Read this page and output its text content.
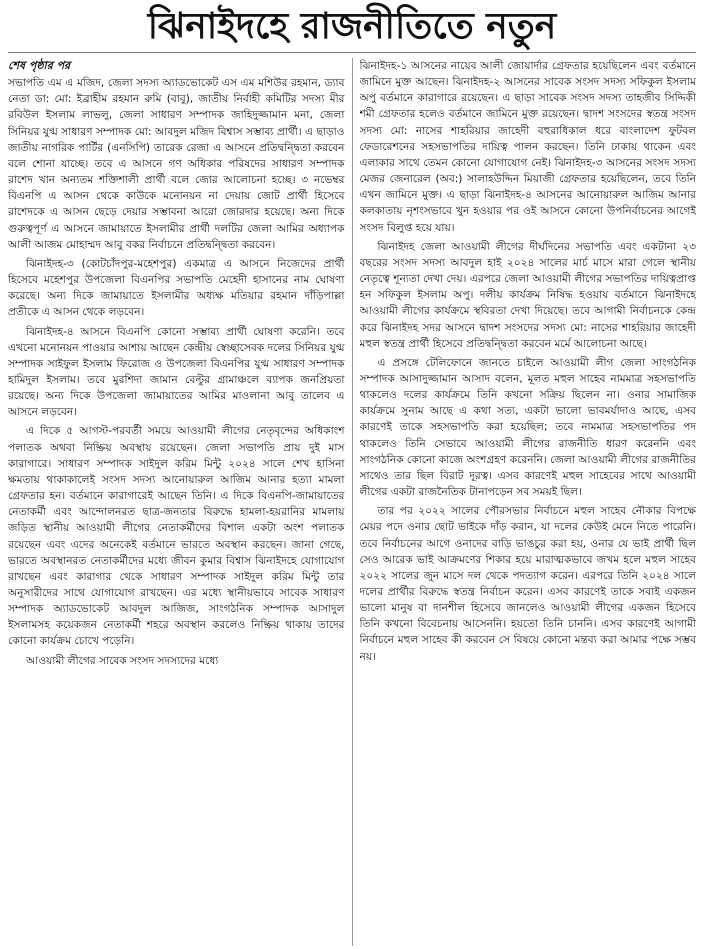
ঝিনাইদহে রাজনীতিতে নতুন
শেষ পৃষ্ঠার পর

সভাপতি এম এ মজিদ, জেলা সদস্য অ্যাডভোকেট এস এম মশিউর রহমান, ড্যাব নেতা ডা: মো: ইব্রাহীম রহমান রুমি (বাবু), জাতীয় নির্বাহী কমিটির সদস্য মীর রবিউল ইসলাম লাভলু, জেলা সাধারণ সম্পাদক জাহিদুজ্জামান মনা, জেলা সিনিয়র যুগ্ম সাধারণ সম্পাদক মো: আবদুল মজিদ বিশ্বাস সম্ভাব্য প্রার্থী। এ ছাড়াও জাতীয় নাগরিক পার্টির (এনসিপি) তারেক রেজা এ আসনে প্রতিদ্বন্দ্বিতা করবেন বলে শোনা যাচ্ছে। তবে এ আসনে গণ অধিকার পরিষদের সাধারণ সম্পাদক রাশেদ খান অন্যতম শক্তিশালী প্রার্থী বলে জোর আলোচনা হচ্ছে। ৩ নভেম্বর বিএনপি এ আসন থেকে কাউকে মনোনয়ন না দেয়ায় জোট প্রার্থী হিসেবে রাশেদকে এ আসন ছেড়ে দেয়ার সম্ভাবনা আরো জোরদার হয়েছে। অন্য দিকে গুরুত্বপূর্ণ এ আসনে জামায়াতে ইসলামীর প্রার্থী দলটির জেলা আমির অধ্যাপক আলী আজম মোহাম্মদ আবু বকর নির্বাচনে প্রতিদ্বন্দ্বিতা করবেন।

ঝিনাইদহ-৩ (কোটচাঁদপুর-মহেশপুর) একমাত্র এ আসনে নিজেদের প্রার্থী হিসেবে মহেশপুর উপজেলা বিএনপির সভাপতি মেহেদী হাসানের নাম ঘোষণা করেছে। অন্য দিকে জামায়াতে ইসলামীর অধ্যক্ষ মতিয়ার রহমান দাঁড়িপাল্লা প্রতীকে এ আসন থেকে লড়বেন।

ঝিনাইদহ-৪ আসনে বিএনপি কোনো সম্ভাব্য প্রার্থী ঘোষণা করেনি। তবে এখনো মনোনয়ন পাওয়ার আশায় আছেন কেন্দ্রীয় স্বেচ্ছাসেবক দলের সিনিয়র যুগ্ম সম্পাদক সাইফুল ইসলাম ফিরোজ ও উপজেলা বিএনপির যুগ্ম সাধারণ সম্পাদক হামিদুল ইসলাম। তবে মুরশিদা জামান বেল্টুর গ্রামাঞ্চলে ব্যাপক জনপ্রিয়তা রয়েছে। অন্য দিকে উপজেলা জামায়াতের আমির মাওলানা আবু তালেব এ আসনে লড়বেন।

এ দিকে ৫ আগস্ট-পরবর্তী সময়ে আওয়ামী লীগের নেতৃবৃন্দের অধিকাংশ পলাতক অথবা নিষ্ক্রিয় অবস্থায় রয়েছেন। জেলা সভাপতি প্রায় দুই মাস কারাগারে। সাধারণ সম্পাদক সাইদুল করিম মিন্টু ২০২৪ সালে শেখ হাসিনা ক্ষমতায় থাকাকালেই সংসদ সদস্য আনোয়ারুল আজিম আনার হত্যা মামলা গ্রেফতার হন। বর্তমানে কারাগারেই আছেন তিনি। এ দিকে বিএনপি-জামায়াতের নেতাকর্মী এবং আন্দোলনরত ছাত্র-জনতার বিরুদ্ধে হামলা-হয়রানির মামলায় জড়িত স্থানীয় আওয়ামী লীগের নেতাকর্মীদের বিশাল একটা অংশ পলাতক রয়েছেন এবং এদের অনেকেই বর্তমানে ভারতে অবস্থান করছেন। জানা গেছে, ভারতে অবস্থানরত নেতাকর্মীদের মধ্যে জীবন কুমার বিশ্বাস ঝিনাইদহে যোগাযোগ রাখছেন এবং কারাগার থেকে সাধারণ সম্পাদক সাইদুল করিম মিন্টু তার অনুসারীদের সাথে যোগাযোগ রাখছেন। এর মধ্যে স্থানীয়ভাবে সাবেক সাধারণ সম্পাদক অ্যাডভোকেট আবদুল আজিজ, সাংগঠনিক সম্পাদক আসাদুল ইসলামসহ কয়েকজন নেতাকর্মী শহরে অবস্থান করলেও নিষ্ক্রিয় থাকায় তাদের কোনো কার্যক্রম চোখে পড়েনি।

আওয়ামী লীগের সাবেক সংসদ সদস্যদের মধ্যে

ঝিনাইদহ-১ আসনের নায়েব আলী জোয়ার্দার গ্রেফতার হয়েছিলেন এবং বর্তমানে জামিনে মুক্ত আছেন। ঝিনাইদহ-২ আসনের সাবেক সংসদ সদস্য সফিকুল ইসলাম অপু বর্তমানে কারাগারে রয়েছেন। এ ছাড়া সাবেক সংসদ সদস্য তাহজীব সিদ্দিকী শমী গ্রেফতার হলেও বর্তমানে জামিনে মুক্ত রয়েছেন। দ্বাদশ সংসদের স্বতন্ত্র সংসদ সদস্য মো: নাসের শাহরিয়ার জাহেদী বহুরাধিকাল ধরে বাংলাদেশ ফুটবল ফেডারেশনের সহসভাপতির দায়িত্ব পালন করছেন। তিনি ঢাকায় থাকেন এবং এলাকার সাথে তেমন কোনো যোগাযোগ নেই। ঝিনাইদহ-৩ আসনের সংসদ সদস্য মেজর জেনারেল (অব:) সালাহউদ্দিন মিয়াজী গ্রেফতার হয়েছিলেন, তবে তিনি এখন জামিনে মুক্ত। এ ছাড়া ঝিনাইদহ-৪ আসনের আনোয়ারুল আজিম আনার কলকাতায় নৃশংসভাবে খুন হওয়ার পর ওই আসনে কোনো উপনির্বাচনের আগেই সংসদ বিলুপ্ত হয়ে যায়।

ঝিনাইদহ জেলা আওয়ামী লীগের দীর্ঘদিনের সভাপতি এবং একটানা ২৩ বছরের সংসদ সদস্য আবদুল হাই ২০২৪ সালের মার্চ মাসে মারা গেলে স্থানীয় নেতৃত্বে শূন্যতা দেখা দেয়। এরপরে জেলা আওয়ামী লীগের সভাপতির দায়িত্বপ্রাপ্ত হন সফিকুল ইসলাম অপু। দলীয় কার্যক্রম নিষিদ্ধ হওয়ায় বর্তমানে ঝিনাইদহে আওয়ামী লীগের কার্যক্রমে স্থবিরতা দেখা দিয়েছে। তবে আগামী নির্বাচনকে কেন্দ্র করে ঝিনাইদহ সদর আসনে দ্বাদশ সংসদের সদস্য মো: নাসের শাহরিয়ার জাহেদী মহুল স্বতন্ত্র প্রার্থী হিসেবে প্রতিদ্বন্দ্বিতা করবেন মর্মে আলোচনা আছে।

এ প্রসঙ্গে টেলিফোনে জানতে চাইলে আওয়ামী লীগ জেলা সাংগঠনিক সম্পাদক আসাদুজ্জামান আসাদ বলেন, মূলত মহুল সাহেব নামমাত্র সহসভাপতি থাকলেও দলের কার্যক্রমে তিনি কখনো সক্রিয় ছিলেন না। ওনার সামাজিক কার্যক্রমে সুনাম আছে এ কথা সত্য, একটা ভালো ভাবমর্যাদাও আছে, এসব কারণেই তাকে সহসভাপতি করা হয়েছিল; তবে নামমাত্র সহসভাপতির পদ থাকলেও তিনি সেভাবে আওয়ামী লীগের রাজনীতি ধারণ করেননি এবং সাংগঠনিক কোনো কাজে অংশগ্রহণ করেননি। জেলা আওয়ামী লীগের রাজনীতির সাথেও তার ছিল বিরাট দূরত্ব। এসব কারণেই মহুল সাহেবের সাথে আওয়ামী লীগের একটা রাজনৈতিক টানাপড়েন সব সময়ই ছিল।

তার পর ২০২২ সালের পৌরসভার নির্বাচনে মহুল সাহেব নৌকার বিপক্ষে মেয়র পদে ওনার ছোট ভাইকে দাঁড় করান, যা দলের কেউই মেনে নিতে পারেনি। তবে নির্বাচনের আগে ওনাদের বাড়ি ভাঙচুর করা হয়, ওনার যে ভাই প্রার্থী ছিল সেও আরেক ভাই আক্রমণের শিকার হয়ে মারাত্মকভাবে জখম হলে মহুল সাহেব ২০২২ সালের জুন মাসে দল থেকে পদত্যাগ করেন। এরপরে তিনি ২০২৪ সালে দলের প্রার্থীর বিরুদ্ধে স্বতন্ত্র নির্বাচন করেন। এসব কারণেই তাকে সবাই একজন ভালো মানুষ বা দানশীল হিসেবে জানলেও আওয়ামী লীগের একজন হিসেবে তিনি কখনো বিবেচনায় আসেননি। হয়তো তিনি চাননি। এসব কারণেই আগামী নির্বাচনে মহুল সাহেব কী করবেন সে বিষয়ে কোনো মন্তব্য করা আমার পক্ষে সম্ভব নয়।
